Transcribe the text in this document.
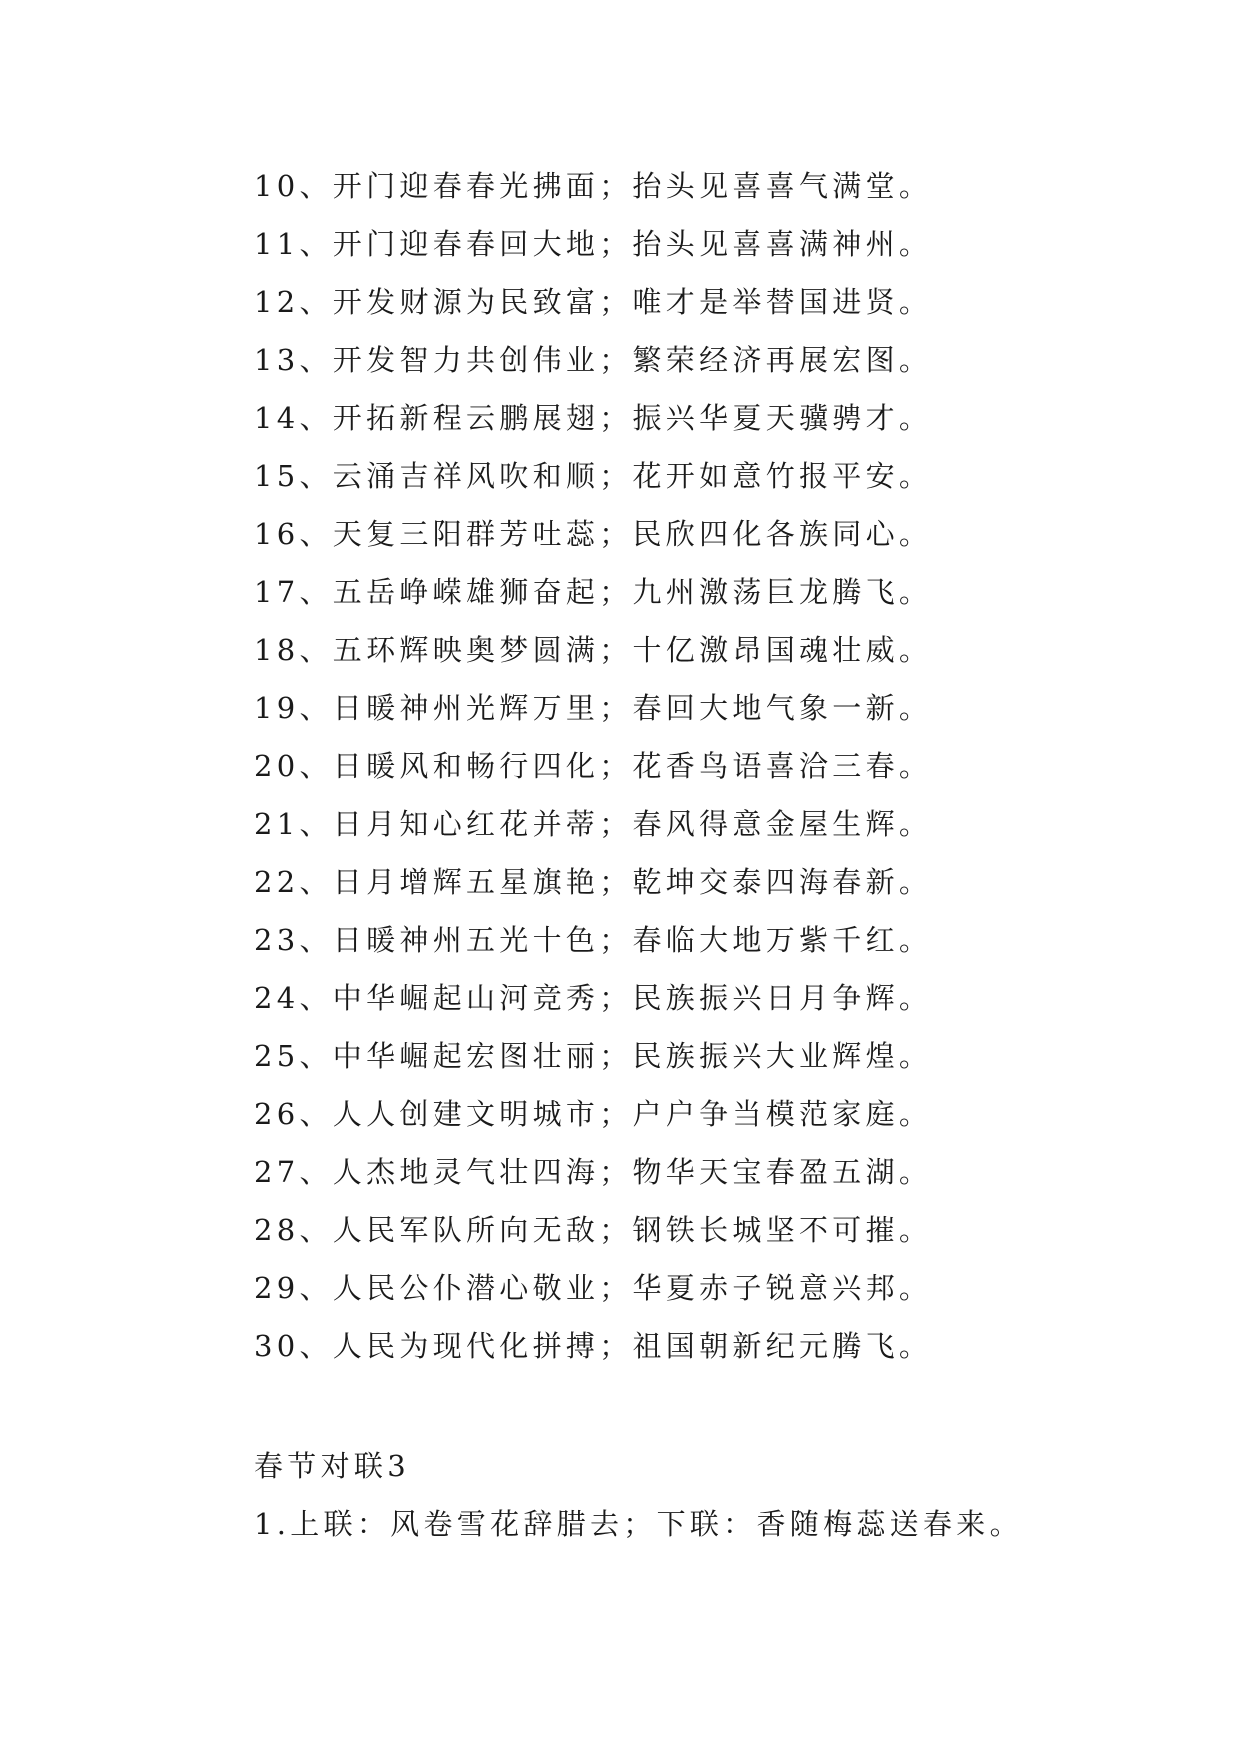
10、开门迎春春光拂面；抬头见喜喜气满堂。
11、开门迎春春回大地；抬头见喜喜满神州。
12、开发财源为民致富；唯才是举替国进贤。
13、开发智力共创伟业；繁荣经济再展宏图。
14、开拓新程云鹏展翅；振兴华夏天骥骋才。
15、云涌吉祥风吹和顺；花开如意竹报平安。
16、天复三阳群芳吐蕊；民欣四化各族同心。
17、五岳峥嵘雄狮奋起；九州激荡巨龙腾飞。
18、五环辉映奥梦圆满；十亿激昂国魂壮威。
19、日暖神州光辉万里；春回大地气象一新。
20、日暖风和畅行四化；花香鸟语喜洽三春。
21、日月知心红花并蒂；春风得意金屋生辉。
22、日月增辉五星旗艳；乾坤交泰四海春新。
23、日暖神州五光十色；春临大地万紫千红。
24、中华崛起山河竞秀；民族振兴日月争辉。
25、中华崛起宏图壮丽；民族振兴大业辉煌。
26、人人创建文明城市；户户争当模范家庭。
27、人杰地灵气壮四海；物华天宝春盈五湖。
28、人民军队所向无敌；钢铁长城坚不可摧。
29、人民公仆潜心敬业；华夏赤子锐意兴邦。
30、人民为现代化拼搏；祖国朝新纪元腾飞。
春节对联3
1.上联：风卷雪花辞腊去；下联：香随梅蕊送春来。
